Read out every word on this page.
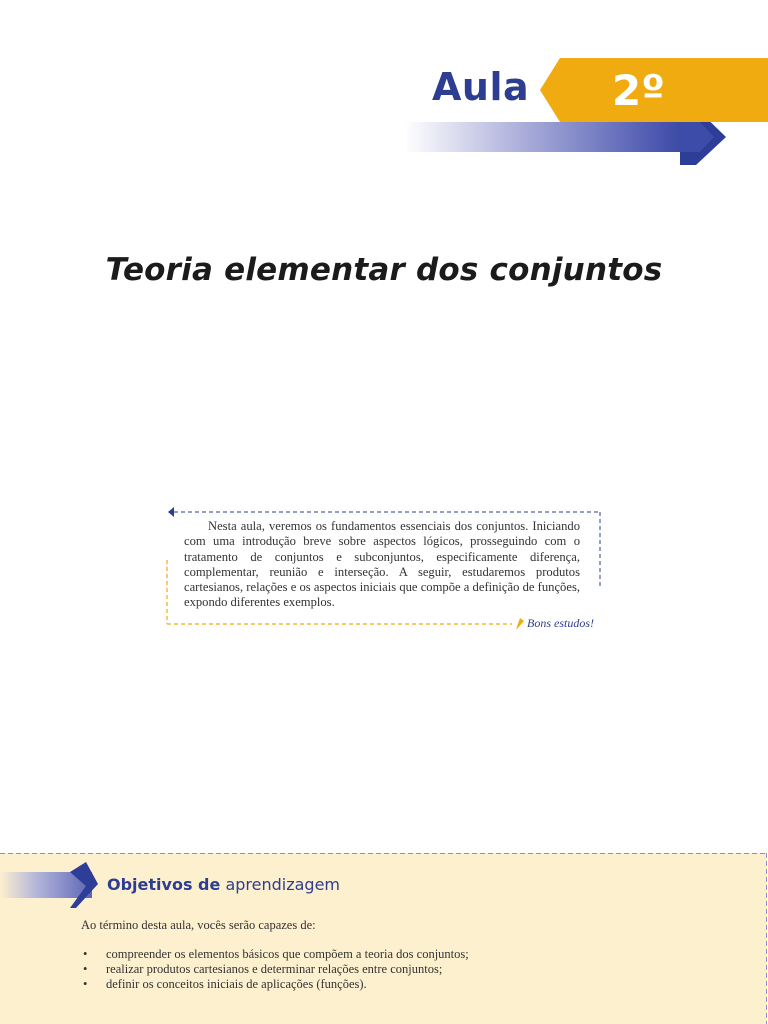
Aula 2º
Teoria elementar dos conjuntos

Nesta aula, veremos os fundamentos essenciais dos conjuntos. Iniciando com uma introdução breve sobre aspectos lógicos, prosseguindo com o tratamento de conjuntos e subconjuntos, especificamente diferença, complementar, reunião e interseção. A seguir, estudaremos produtos cartesianos, relações e os aspectos iniciais que compõe a definição de funções, expondo diferentes exemplos.

Bons estudos!
Objetivos de aprendizagem
Ao término desta aula, vocês serão capazes de:
• compreender os elementos básicos que compõem a teoria dos conjuntos;
• realizar produtos cartesianos e determinar relações entre conjuntos;
• definir os conceitos iniciais de aplicações (funções).
